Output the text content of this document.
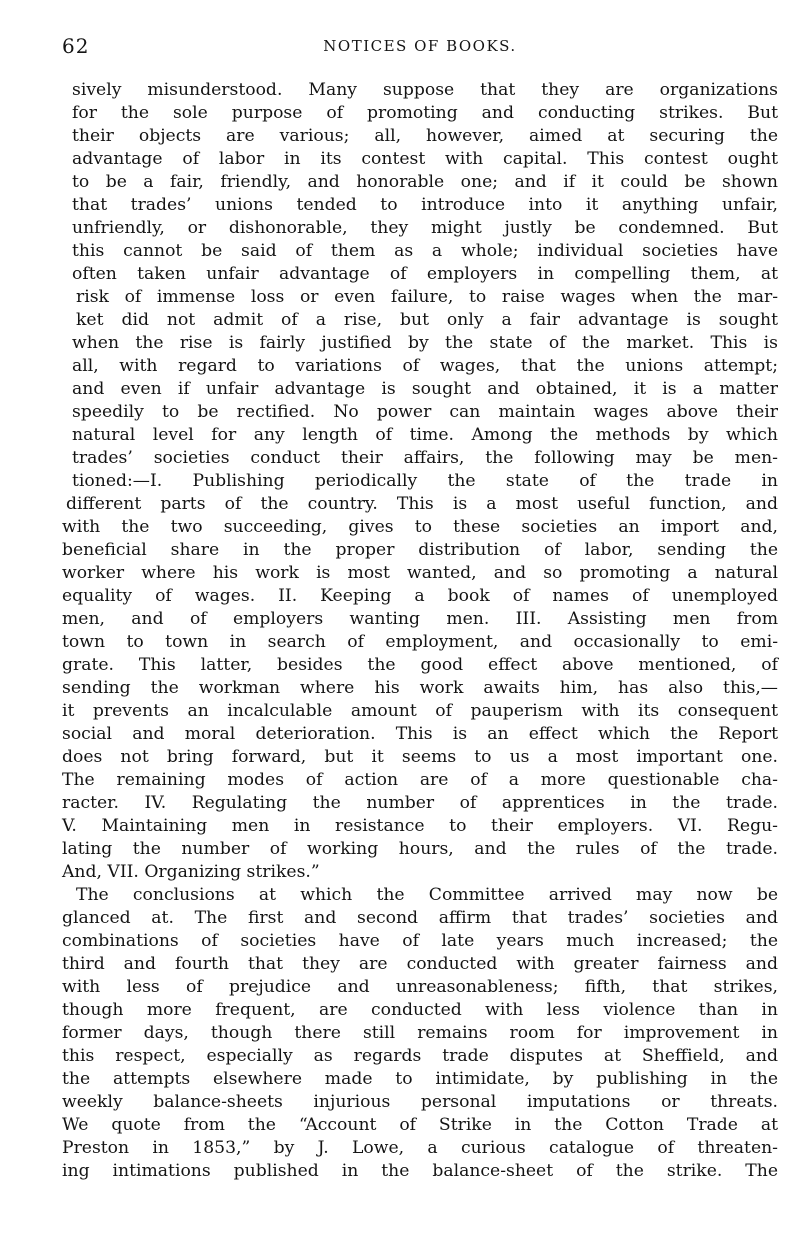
62	NOTICES OF BOOKS.
sively misunderstood. Many suppose that they are organizations
for the sole purpose of promoting and conducting strikes. But
their objects are various; all, however, aimed at securing the
advantage of labor in its contest with capital. This contest ought
to be a fair, friendly, and honorable one; and if it could be shown
that trades’ unions tended to introduce into it anything unfair,
unfriendly, or dishonorable, they might justly be condemned. But
this cannot be said of them as a whole; individual societies have
often taken unfair advantage of employers in compelling them, at
risk of immense loss or even failure, to raise wages when the mar-
ket did not admit of a rise, but only a fair advantage is sought
when the rise is fairly justified by the state of the market. This is
all, with regard to variations of wages, that the unions attempt;
and even if unfair advantage is sought and obtained, it is a matter
speedily to be rectified. No power can maintain wages above their
natural level for any length of time. Among the methods by which
trades’ societies conduct their affairs, the following may be men-
tioned:—I. Publishing periodically the state of the trade in
different parts of the country. This is a most useful function, and
with the two succeeding, gives to these societies an import and,
beneficial share in the proper distribution of labor, sending the
worker where his work is most wanted, and so promoting a natural
equality of wages. II. Keeping a book of names of unemployed
men, and of employers wanting men. III. Assisting men from
town to town in search of employment, and occasionally to emi-
grate. This latter, besides the good effect above mentioned, of
sending the workman where his work awaits him, has also this,—
it prevents an incalculable amount of pauperism with its consequent
social and moral deterioration. This is an effect which the Report
does not bring forward, but it seems to us a most important one.
The remaining modes of action are of a more questionable cha-
racter. IV. Regulating the number of apprentices in the trade.
V. Maintaining men in resistance to their employers. VI. Regu-
lating the number of working hours, and the rules of the trade.
And, VII. Organizing strikes.”
The conclusions at which the Committee arrived may now be
glanced at. The first and second affirm that trades’ societies and
combinations of societies have of late years much increased; the
third and fourth that they are conducted with greater fairness and
with less of prejudice and unreasonableness; fifth, that strikes,
though more frequent, are conducted with less violence than in
former days, though there still remains room for improvement in
this respect, especially as regards trade disputes at Sheffield, and
the attempts elsewhere made to intimidate, by publishing in the
weekly balance-sheets injurious personal imputations or threats.
We quote from the “Account of Strike in the Cotton Trade at
Preston in 1853,” by J. Lowe, a curious catalogue of threaten-
ing intimations published in the balance-sheet of the strike. The
